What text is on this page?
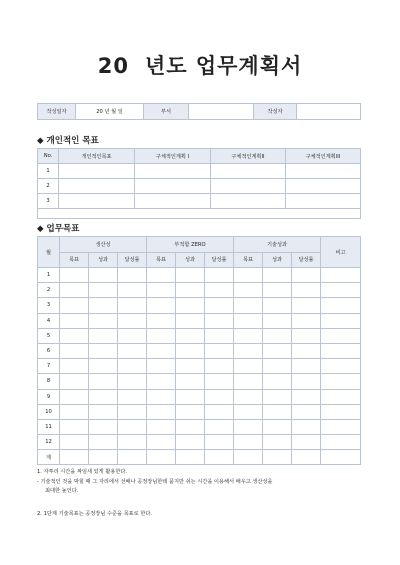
20 년도 업무계획서
작성일자	20 년 월 일	부서		작성자	
◆ 개인적인 목표
No.	개인적인목표	구체적인계획 I	구체적인계획II	구체적인계획III
1				
2				
3				

◆ 업무목표
월	생산성			부적합 ZERO			기술성과			비고
	목표	성과	달성률	목표	성과	달성률	목표	성과	달성률	
1										
2										
3										
4										
5										
6										
7										
8										
9										
10										
11										
12										
계										
1. 자투리 시간을 짜임새 있게 활용한다.
- 기술적인 것을 막힐 때 그 자리에서 선배나 공정장님한테 묻지만 쉬는 시간을 이용해서 배우고 생산성을
최대한 높인다.
2. 1단계 기술목표는 공정장님 수준을 목표로 한다.
